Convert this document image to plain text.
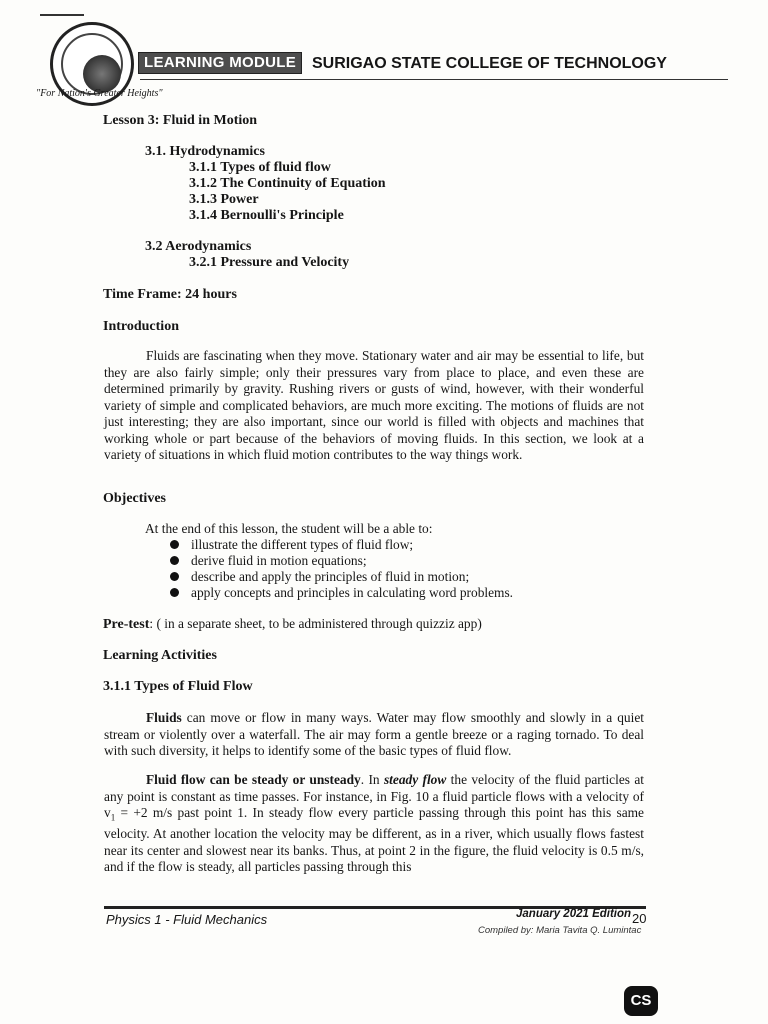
LEARNING MODULE	SURIGAO STATE COLLEGE OF TECHNOLOGY
"For Nation's Greater Heights"
Lesson 3: Fluid in Motion
3.1. Hydrodynamics
3.1.1 Types of fluid flow
3.1.2 The Continuity of Equation
3.1.3 Power
3.1.4 Bernoulli's Principle
3.2 Aerodynamics
3.2.1 Pressure and Velocity
Time Frame: 24 hours
Introduction
Fluids are fascinating when they move. Stationary water and air may be essential to life, but they are also fairly simple; only their pressures vary from place to place, and even these are determined primarily by gravity. Rushing rivers or gusts of wind, however, with their wonderful variety of simple and complicated behaviors, are much more exciting. The motions of fluids are not just interesting; they are also important, since our world is filled with objects and machines that working whole or part because of the behaviors of moving fluids. In this section, we look at a variety of situations in which fluid motion contributes to the way things work.
Objectives
At the end of this lesson, the student will be a able to:
illustrate the different types of fluid flow;
derive fluid in motion equations;
describe and apply the principles of fluid in motion;
apply concepts and principles in calculating word problems.
Pre-test: ( in a separate sheet, to be administered through quizziz app)
Learning Activities
3.1.1 Types of Fluid Flow
Fluids can move or flow in many ways. Water may flow smoothly and slowly in a quiet stream or violently over a waterfall. The air may form a gentle breeze or a raging tornado. To deal with such diversity, it helps to identify some of the basic types of fluid flow.
Fluid flow can be steady or unsteady. In steady flow the velocity of the fluid particles at any point is constant as time passes. For instance, in Fig. 10 a fluid particle flows with a velocity of $v_1 = +2$ m/s past point 1. In steady flow every particle passing through this point has this same velocity. At another location the velocity may be different, as in a river, which usually flows fastest near its center and slowest near its banks. Thus, at point 2 in the figure, the fluid velocity is 0.5 m/s, and if the flow is steady, all particles passing through this
Physics 1 - Fluid Mechanics	January 2021 Edition 20
Compiled by: Maria Tavita Q. Lumintac
CS
